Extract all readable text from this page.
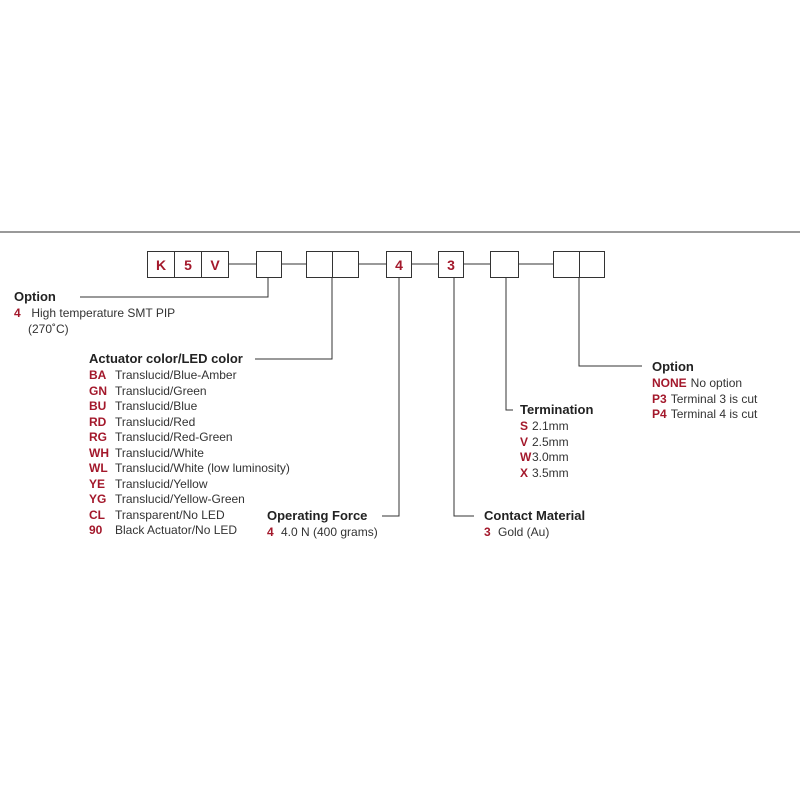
K	5	V	4	3
Option
4 High temperature SMT PIP
(270˚C)
Actuator color/LED color
BA Translucid/Blue-Amber
GN Translucid/Green
BU Translucid/Blue
RD Translucid/Red
RG Translucid/Red-Green
WH Translucid/White
WL Translucid/White (low luminosity)
YE Translucid/Yellow
YG Translucid/Yellow-Green
CL Transparent/No LED
90 Black Actuator/No LED
Operating Force
4 4.0 N (400 grams)
Contact Material
3 Gold (Au)
Termination
S 2.1mm
V 2.5mm
W3.0mm
X 3.5mm
Option
NONE No option
P3 Terminal 3 is cut
P4 Terminal 4 is cut
